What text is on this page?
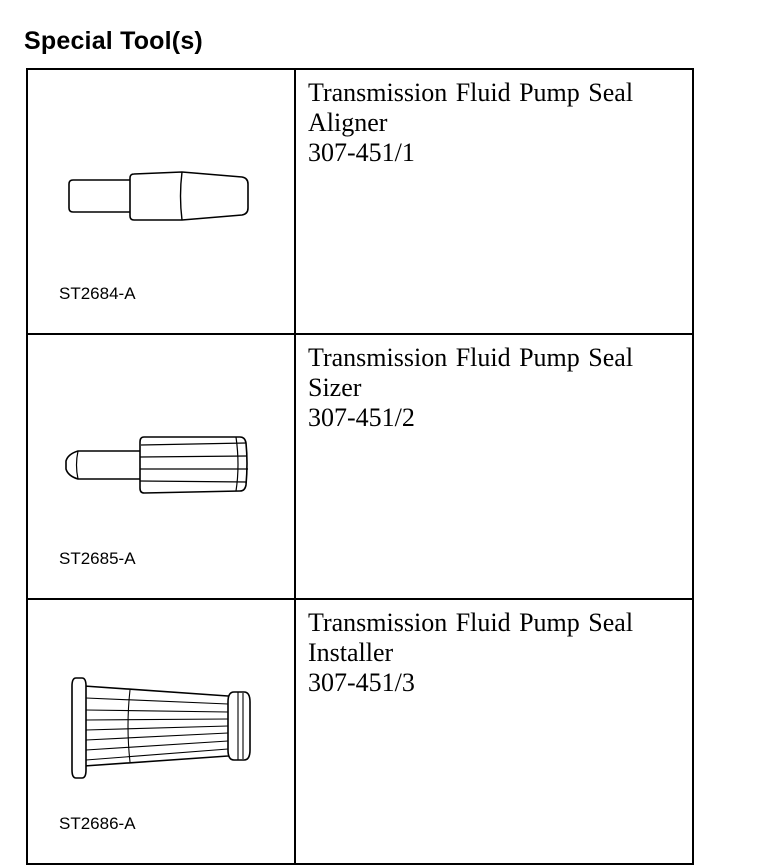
Special Tool(s)
ST2684-A	Transmission Fluid Pump Seal Aligner
307-451/1

ST2685-A	Transmission Fluid Pump Seal Sizer
307-451/2

ST2686-A	Transmission Fluid Pump Seal Installer
307-451/3
